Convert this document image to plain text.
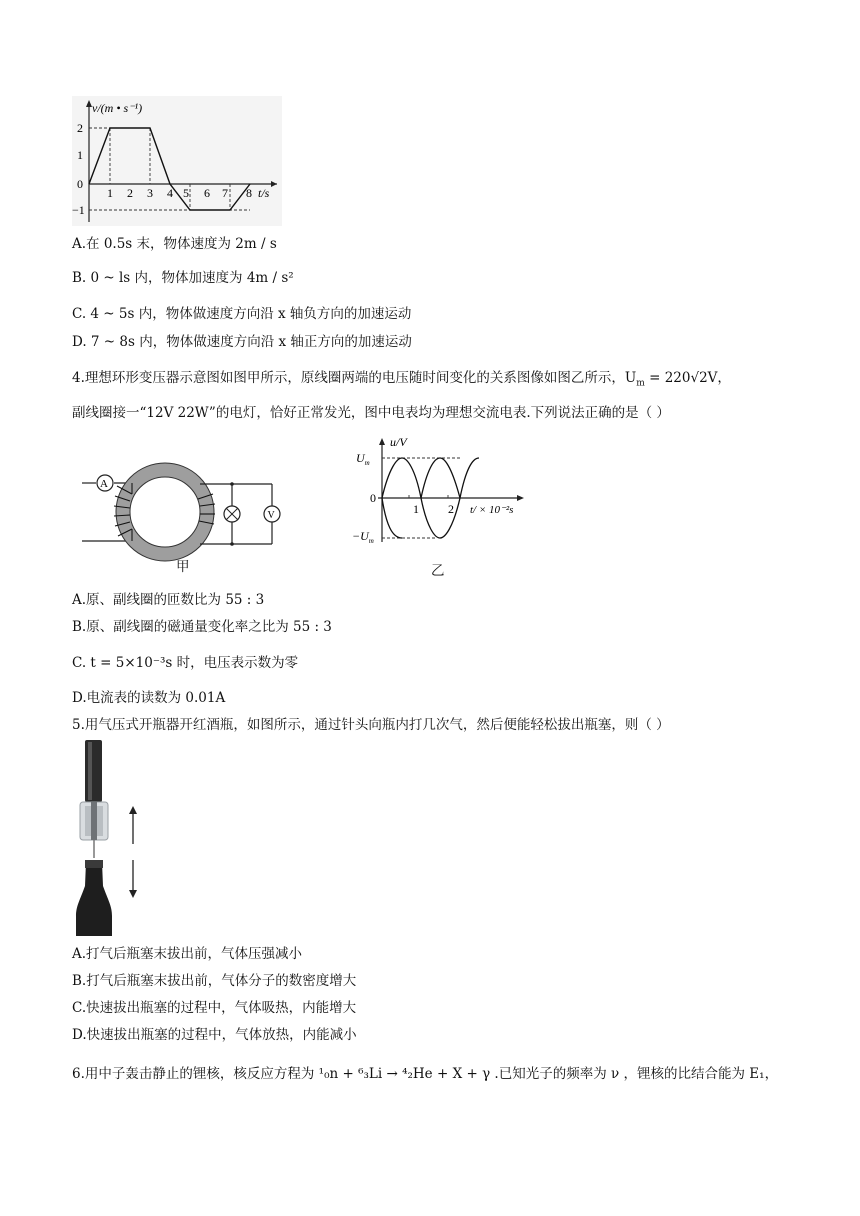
v/(m • s⁻¹)
2
1
0
−1
1 2 3 4 5 6 7 8 t/s
A.在 0.5s 末，物体速度为 2m / s
B. 0 ~ ls 内，物体加速度为 4m / s²
C. 4 ~ 5s 内，物体做速度方向沿 x 轴负方向的加速运动
D. 7 ~ 8s 内，物体做速度方向沿 x 轴正方向的加速运动
4.理想环形变压器示意图如图甲所示，原线圈两端的电压随时间变化的关系图像如图乙所示，$U_m = 220√2V$，
副线圈接一“12V 22W”的电灯，恰好正常发光，图中电表均为理想交流电表.下列说法正确的是（ ）
A
V
甲
u/V
$U_m$
0
$-U_m$
1 2 t/ × 10⁻²s
乙
A.原、副线圈的匝数比为 55 : 3
B.原、副线圈的磁通量变化率之比为 55 : 3
C. t = 5×10⁻³s 时，电压表示数为零
D.电流表的读数为 0.01A
5.用气压式开瓶器开红酒瓶，如图所示，通过针头向瓶内打几次气，然后便能轻松拔出瓶塞，则（ ）
A.打气后瓶塞末拔出前，气体压强减小
B.打气后瓶塞末拔出前，气体分子的数密度增大
C.快速拔出瓶塞的过程中，气体吸热，内能增大
D.快速拔出瓶塞的过程中，气体放热，内能减小
6.用中子轰击静止的锂核，核反应方程为 ¹₀n + ⁶₃Li → ⁴₂He + X + γ .已知光子的频率为 ν ，锂核的比结合能为 E₁，
